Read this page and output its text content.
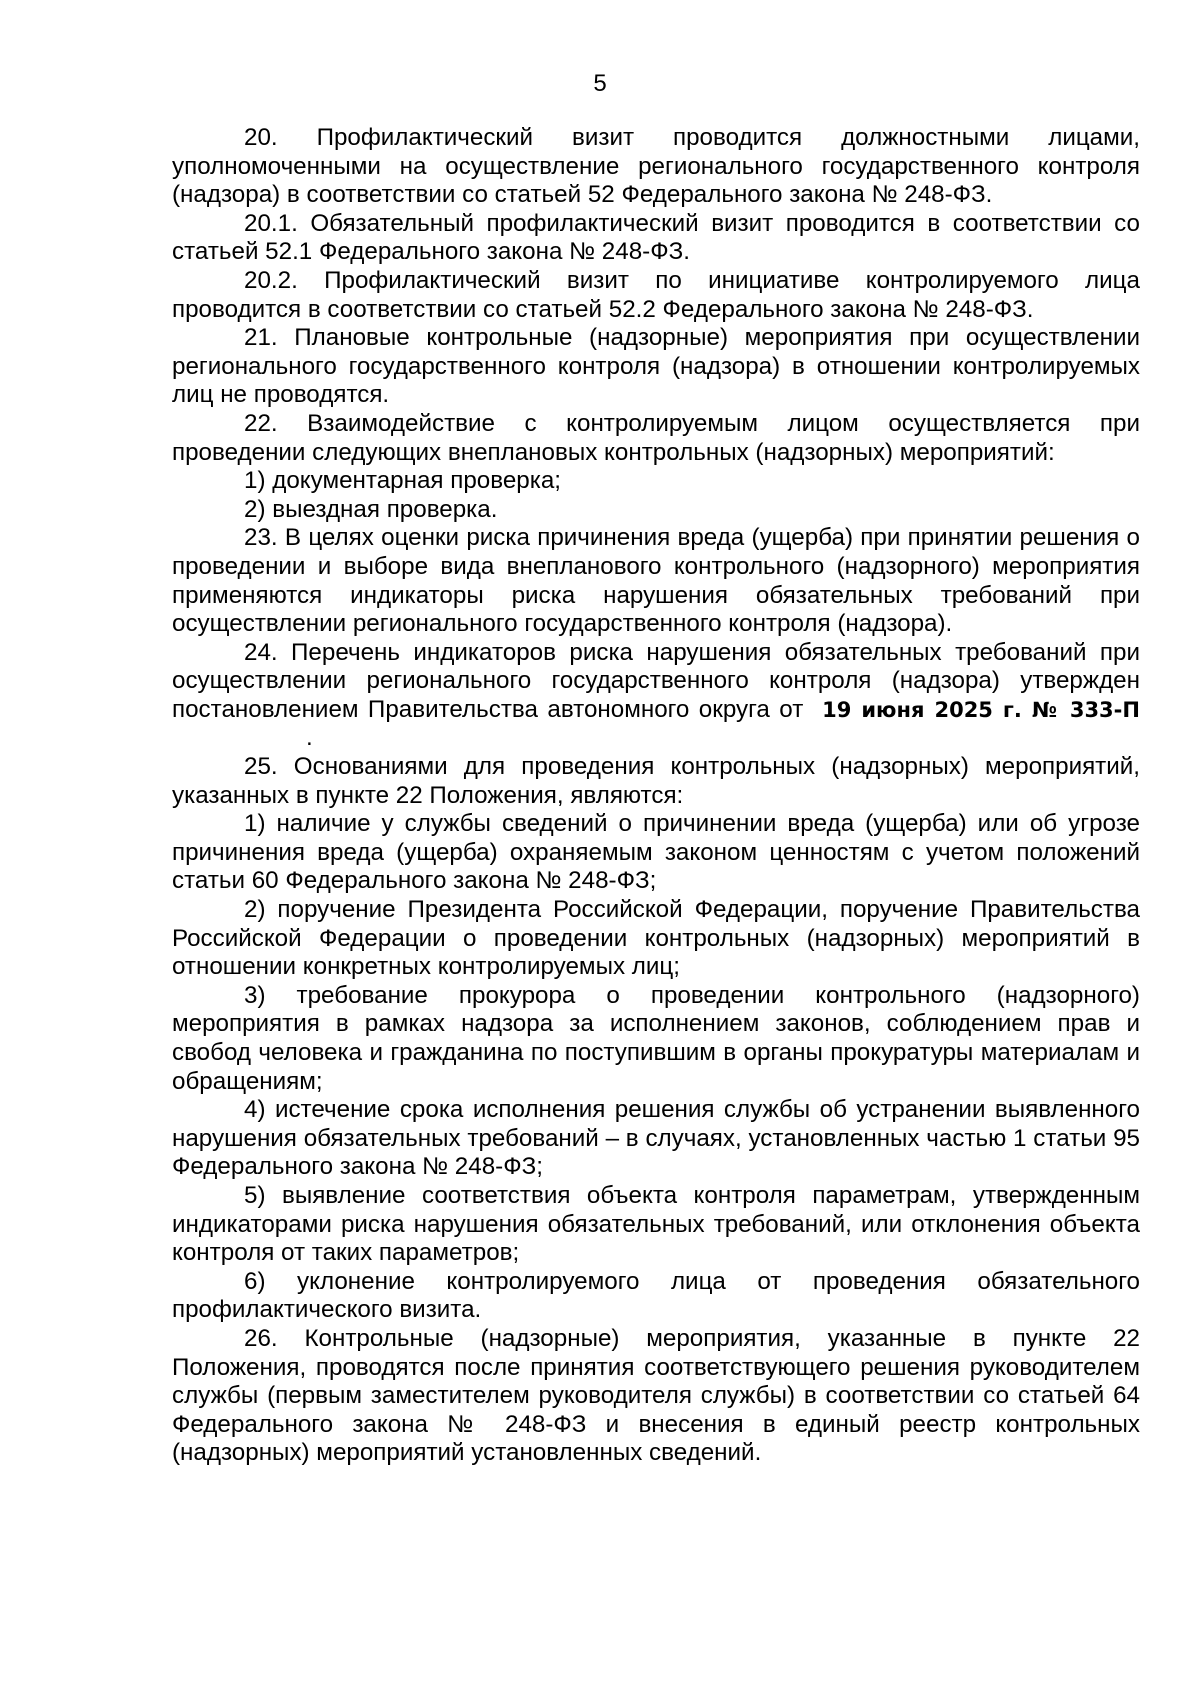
5

20. Профилактический визит проводится должностными лицами, уполномоченными на осуществление регионального государственного контроля (надзора) в соответствии со статьей 52 Федерального закона № 248-ФЗ.

20.1. Обязательный профилактический визит проводится в соответствии со статьей 52.1 Федерального закона № 248-ФЗ.

20.2. Профилактический визит по инициативе контролируемого лица проводится в соответствии со статьей 52.2 Федерального закона № 248-ФЗ.

21. Плановые контрольные (надзорные) мероприятия при осуществлении регионального государственного контроля (надзора) в отношении контролируемых лиц не проводятся.

22. Взаимодействие с контролируемым лицом осуществляется при проведении следующих внеплановых контрольных (надзорных) мероприятий:

1) документарная проверка;

2) выездная проверка.

23. В целях оценки риска причинения вреда (ущерба) при принятии решения о проведении и выборе вида внепланового контрольного (надзорного) мероприятия применяются индикаторы риска нарушения обязательных требований при осуществлении регионального государственного контроля (надзора).

24. Перечень индикаторов риска нарушения обязательных требований при осуществлении регионального государственного контроля (надзора) утвержден постановлением Правительства автономного округа от 19 июня 2025 г. № 333-П.

25. Основаниями для проведения контрольных (надзорных) мероприятий, указанных в пункте 22 Положения, являются:

1) наличие у службы сведений о причинении вреда (ущерба) или об угрозе причинения вреда (ущерба) охраняемым законом ценностям с учетом положений статьи 60 Федерального закона № 248-ФЗ;

2) поручение Президента Российской Федерации, поручение Правительства Российской Федерации о проведении контрольных (надзорных) мероприятий в отношении конкретных контролируемых лиц;

3) требование прокурора о проведении контрольного (надзорного) мероприятия в рамках надзора за исполнением законов, соблюдением прав и свобод человека и гражданина по поступившим в органы прокуратуры материалам и обращениям;

4) истечение срока исполнения решения службы об устранении выявленного нарушения обязательных требований – в случаях, установленных частью 1 статьи 95 Федерального закона № 248-ФЗ;

5) выявление соответствия объекта контроля параметрам, утвержденным индикаторами риска нарушения обязательных требований, или отклонения объекта контроля от таких параметров;

6) уклонение контролируемого лица от проведения обязательного профилактического визита.

26. Контрольные (надзорные) мероприятия, указанные в пункте 22 Положения, проводятся после принятия соответствующего решения руководителем службы (первым заместителем руководителя службы) в соответствии со статьей 64 Федерального закона № 248-ФЗ и внесения в единый реестр контрольных (надзорных) мероприятий установленных сведений.
